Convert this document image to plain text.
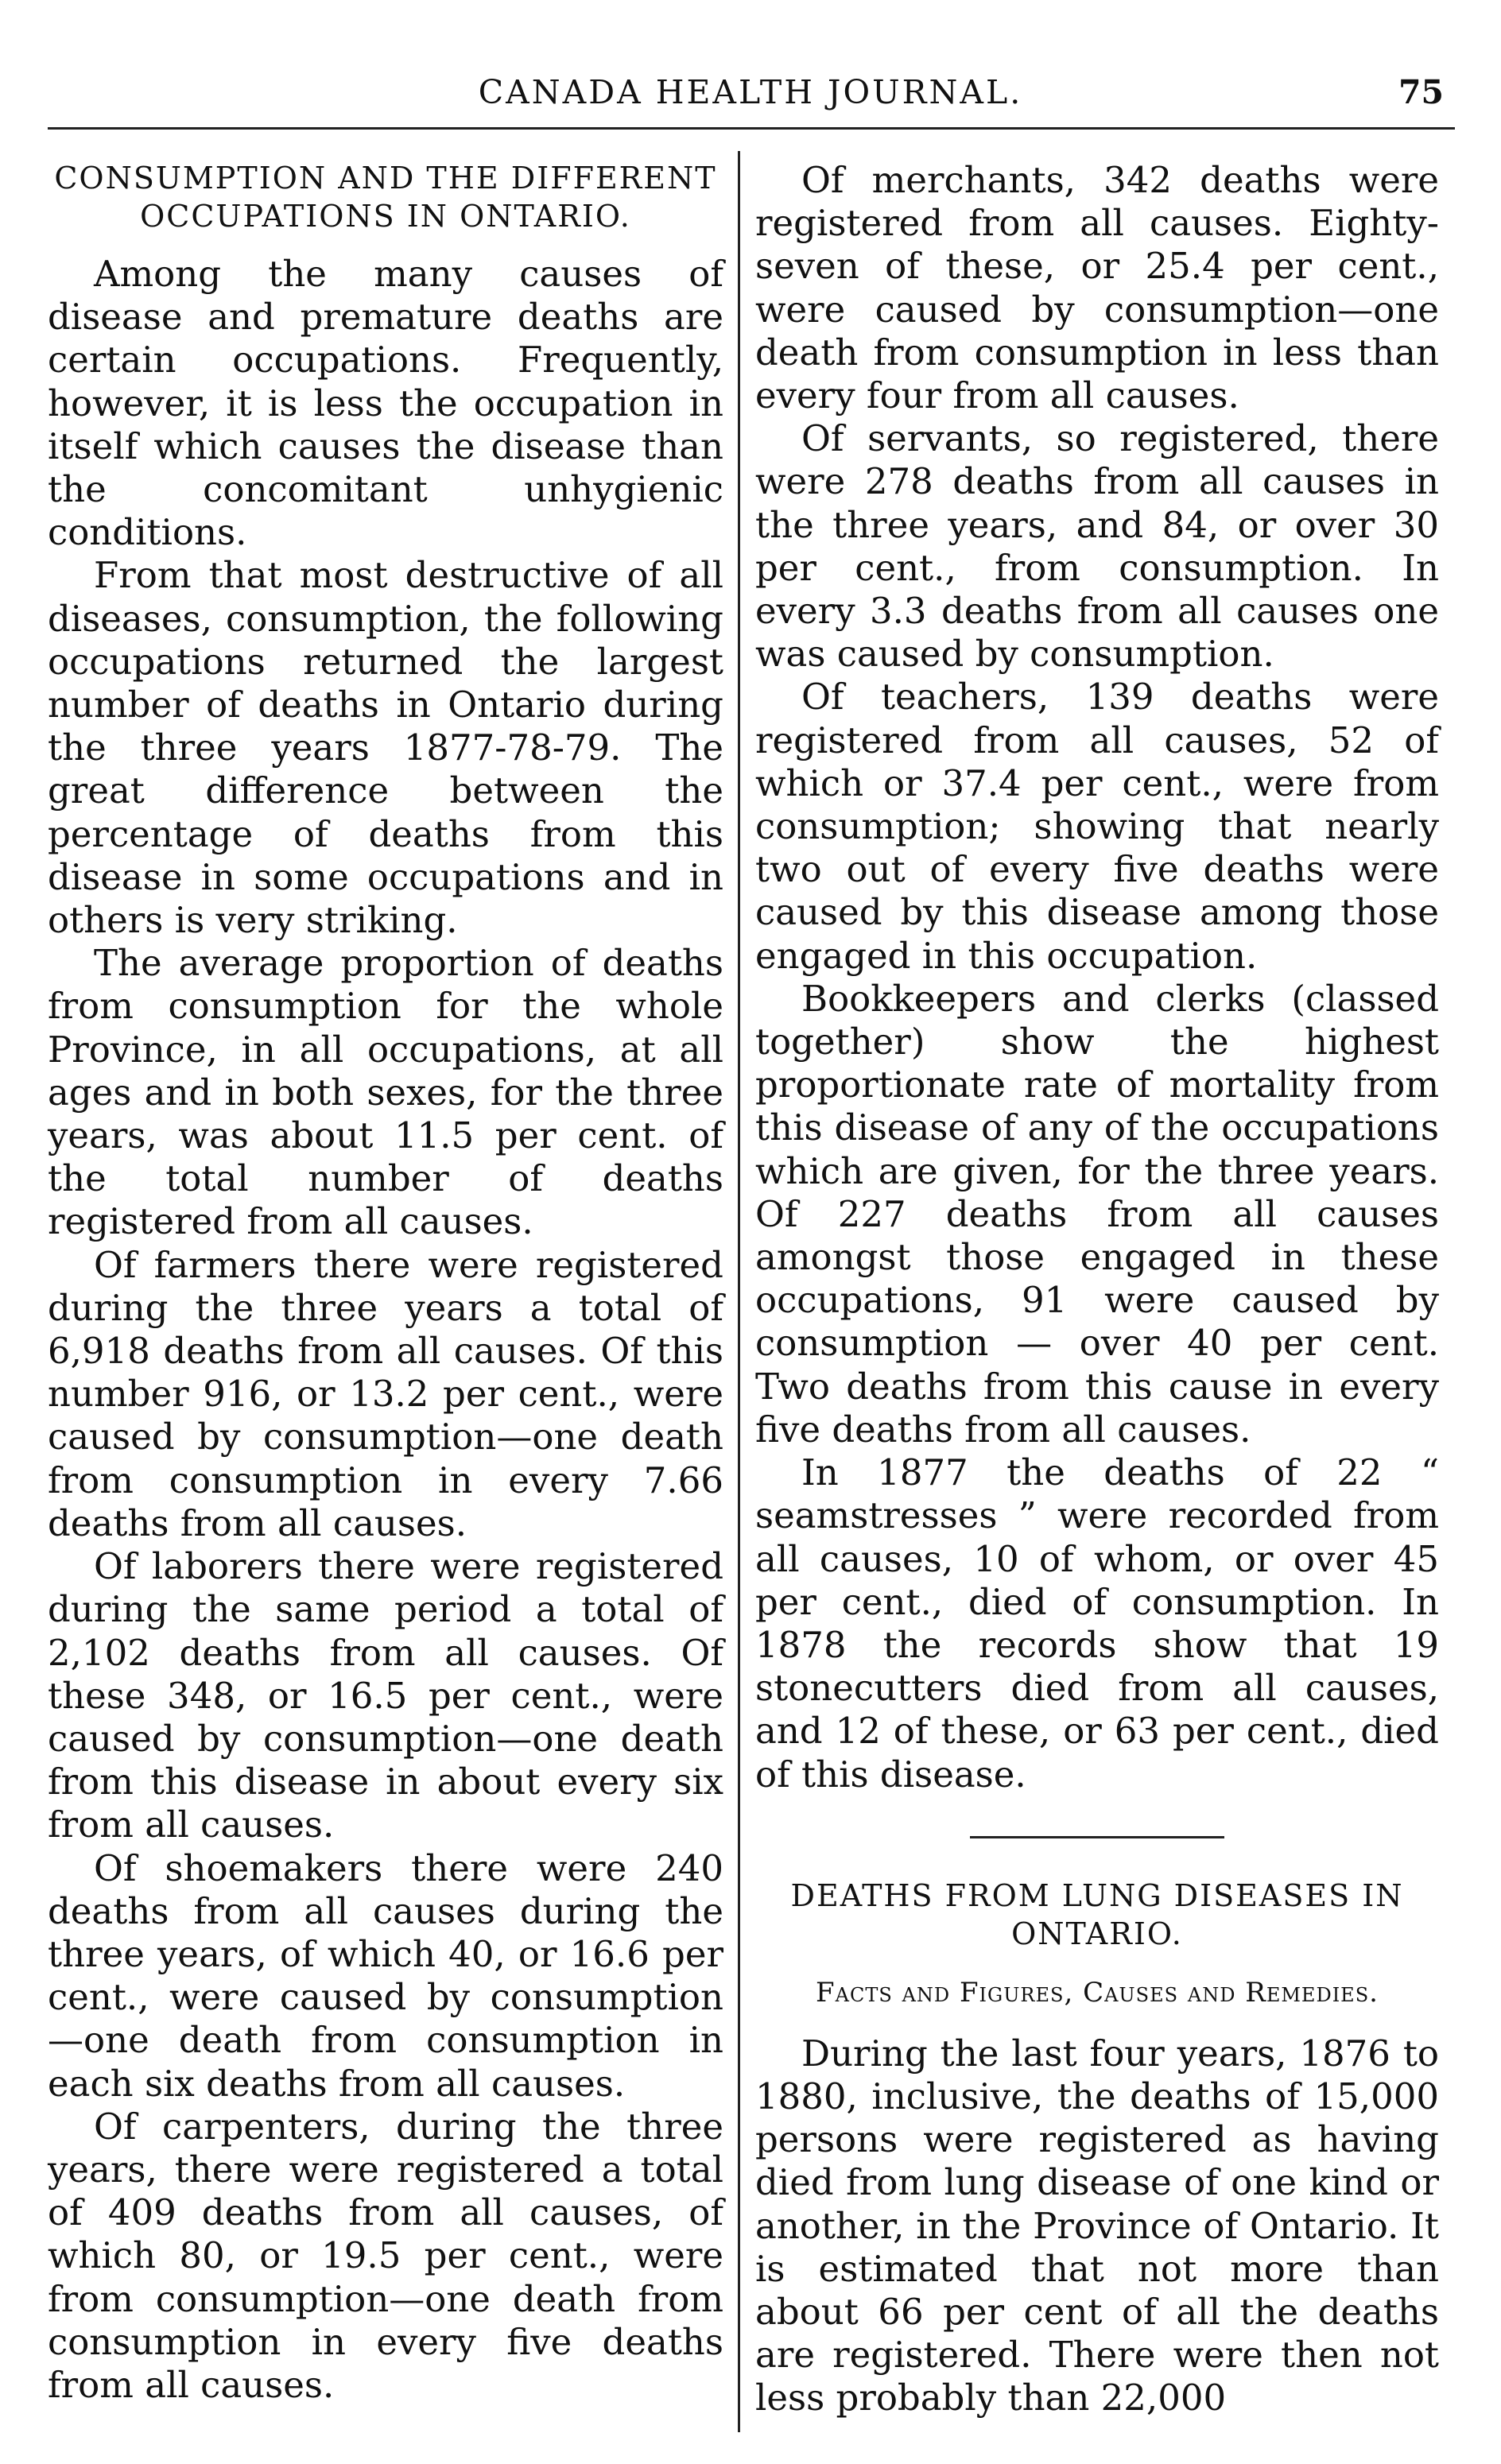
CANADA HEALTH JOURNAL.	75
CONSUMPTION AND THE DIFFERENT OCCUPATIONS IN ONTARIO.

Among the many causes of disease and premature deaths are certain occupations. Frequently, however, it is less the occupation in itself which causes the disease than the concomitant unhygienic conditions.

From that most destructive of all diseases, consumption, the following occupations returned the largest number of deaths in Ontario during the three years 1877-78-79. The great difference between the percentage of deaths from this disease in some occupations and in others is very striking.

The average proportion of deaths from consumption for the whole Province, in all occupations, at all ages and in both sexes, for the three years, was about 11.5 per cent. of the total number of deaths registered from all causes.

Of farmers there were registered during the three years a total of 6,918 deaths from all causes. Of this number 916, or 13.2 per cent., were caused by consumption—one death from consumption in every 7.66 deaths from all causes.

Of laborers there were registered during the same period a total of 2,102 deaths from all causes. Of these 348, or 16.5 per cent., were caused by consumption—one death from this disease in about every six from all causes.

Of shoemakers there were 240 deaths from all causes during the three years, of which 40, or 16.6 per cent., were caused by consumption—one death from consumption in each six deaths from all causes.

Of carpenters, during the three years, there were registered a total of 409 deaths from all causes, of which 80, or 19.5 per cent., were from consumption—one death from consumption in every five deaths from all causes.

Of merchants, 342 deaths were registered from all causes. Eighty-seven of these, or 25.4 per cent., were caused by consumption—one death from consumption in less than every four from all causes.

Of servants, so registered, there were 278 deaths from all causes in the three years, and 84, or over 30 per cent., from consumption. In every 3.3 deaths from all causes one was caused by consumption.

Of teachers, 139 deaths were registered from all causes, 52 of which or 37.4 per cent., were from consumption; showing that nearly two out of every five deaths were caused by this disease among those engaged in this occupation.

Bookkeepers and clerks (classed together) show the highest proportionate rate of mortality from this disease of any of the occupations which are given, for the three years. Of 227 deaths from all causes amongst those engaged in these occupations, 91 were caused by consumption — over 40 per cent. Two deaths from this cause in every five deaths from all causes.

In 1877 the deaths of 22 “ seamstresses ” were recorded from all causes, 10 of whom, or over 45 per cent., died of consumption. In 1878 the records show that 19 stonecutters died from all causes, and 12 of these, or 63 per cent., died of this disease.

DEATHS FROM LUNG DISEASES IN ONTARIO.
Facts and Figures, Causes and Remedies.

During the last four years, 1876 to 1880, inclusive, the deaths of 15,000 persons were registered as having died from lung disease of one kind or another, in the Province of Ontario. It is estimated that not more than about 66 per cent of all the deaths are registered. There were then not less probably than 22,000
